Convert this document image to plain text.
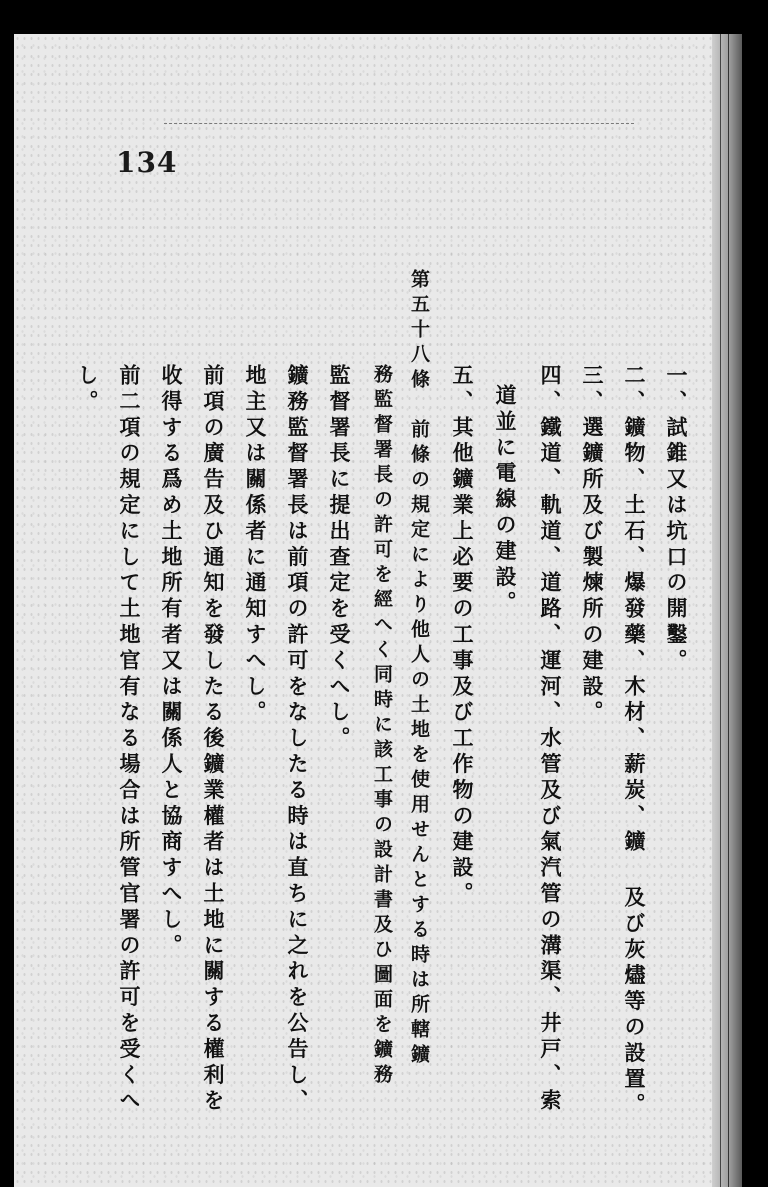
134
一、試錐又は坑口の開鑿。
二、鑛物、土石、爆發藥、木材、薪炭、鑛 及び灰燼等の設置。
三、選鑛所及び製煉所の建設。
四、鐵道、軌道、道路、運河、水管及び氣汽管の溝渠、井戸、索
道並に電線の建設。
五、其他鑛業上必要の工事及び工作物の建設。
務監督署長の許可を經へく同時に該工事の設計書及ひ圖面を鑛務 第五十八條　前條の規定により他人の土地を使用せんとする時は所轄鑛
監督署長に提出查定を受くへし。
鑛務監督署長は前項の許可をなしたる時は直ちに之れを公告し、
地主又は關係者に通知すへし。
前項の廣告及ひ通知を發したる後鑛業權者は土地に關する權利を
收得する爲め土地所有者又は關係人と協商すへし。
前二項の規定にして土地官有なる場合は所管官署の許可を受くへ
し。
